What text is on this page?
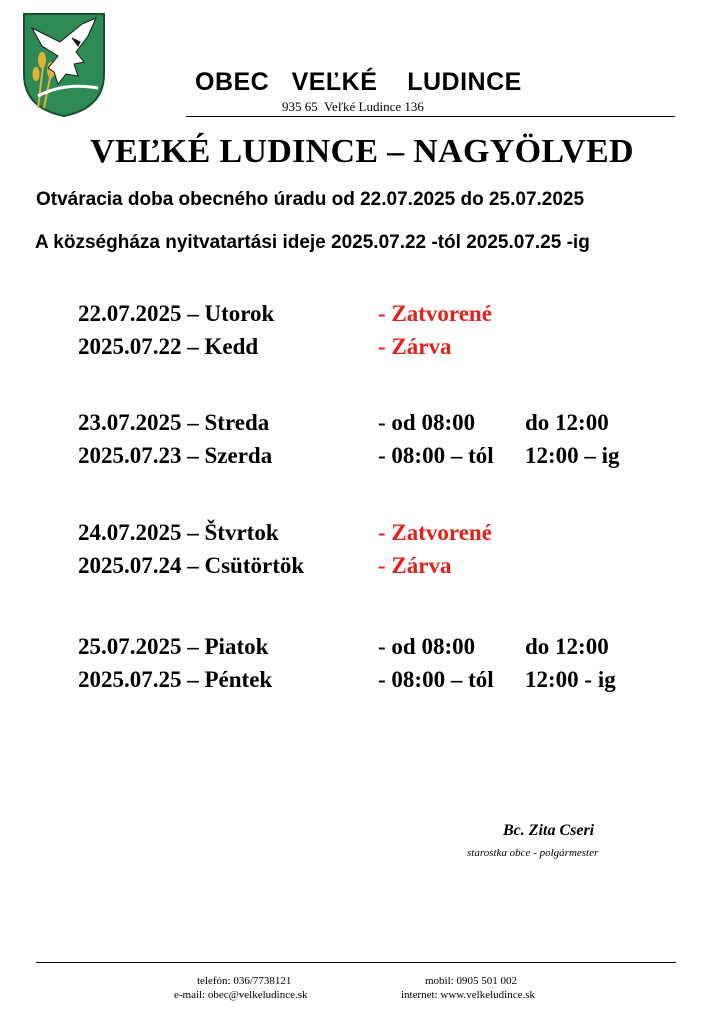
OBEC   VEĽKÉ    LUDINCE
935 65  Veľké Ludince 136
VEĽKÉ LUDINCE – NAGYÖLVED
Otváracia doba obecného úradu od 22.07.2025 do 25.07.2025
A községháza nyitvatartási ideje 2025.07.22 -tól 2025.07.25 -ig
22.07.2025 – Utorok	- Zatvorené
2025.07.22 – Kedd	- Zárva
23.07.2025 – Streda	- od 08:00 do 12:00
2025.07.23 – Szerda	- 08:00 – tól 12:00 – ig
24.07.2025 – Štvrtok	- Zatvorené
2025.07.24 – Csütörtök	- Zárva
25.07.2025 – Piatok	- od 08:00 do 12:00
2025.07.25 – Péntek	- 08:00 – tól 12:00 - ig
Bc. Zita Cseri
starostka obce - polgármester
telefón: 036/7738121
e-mail: obec@velkeludince.sk
mobil: 0905 501 002
internet: www.velkeludince.sk
